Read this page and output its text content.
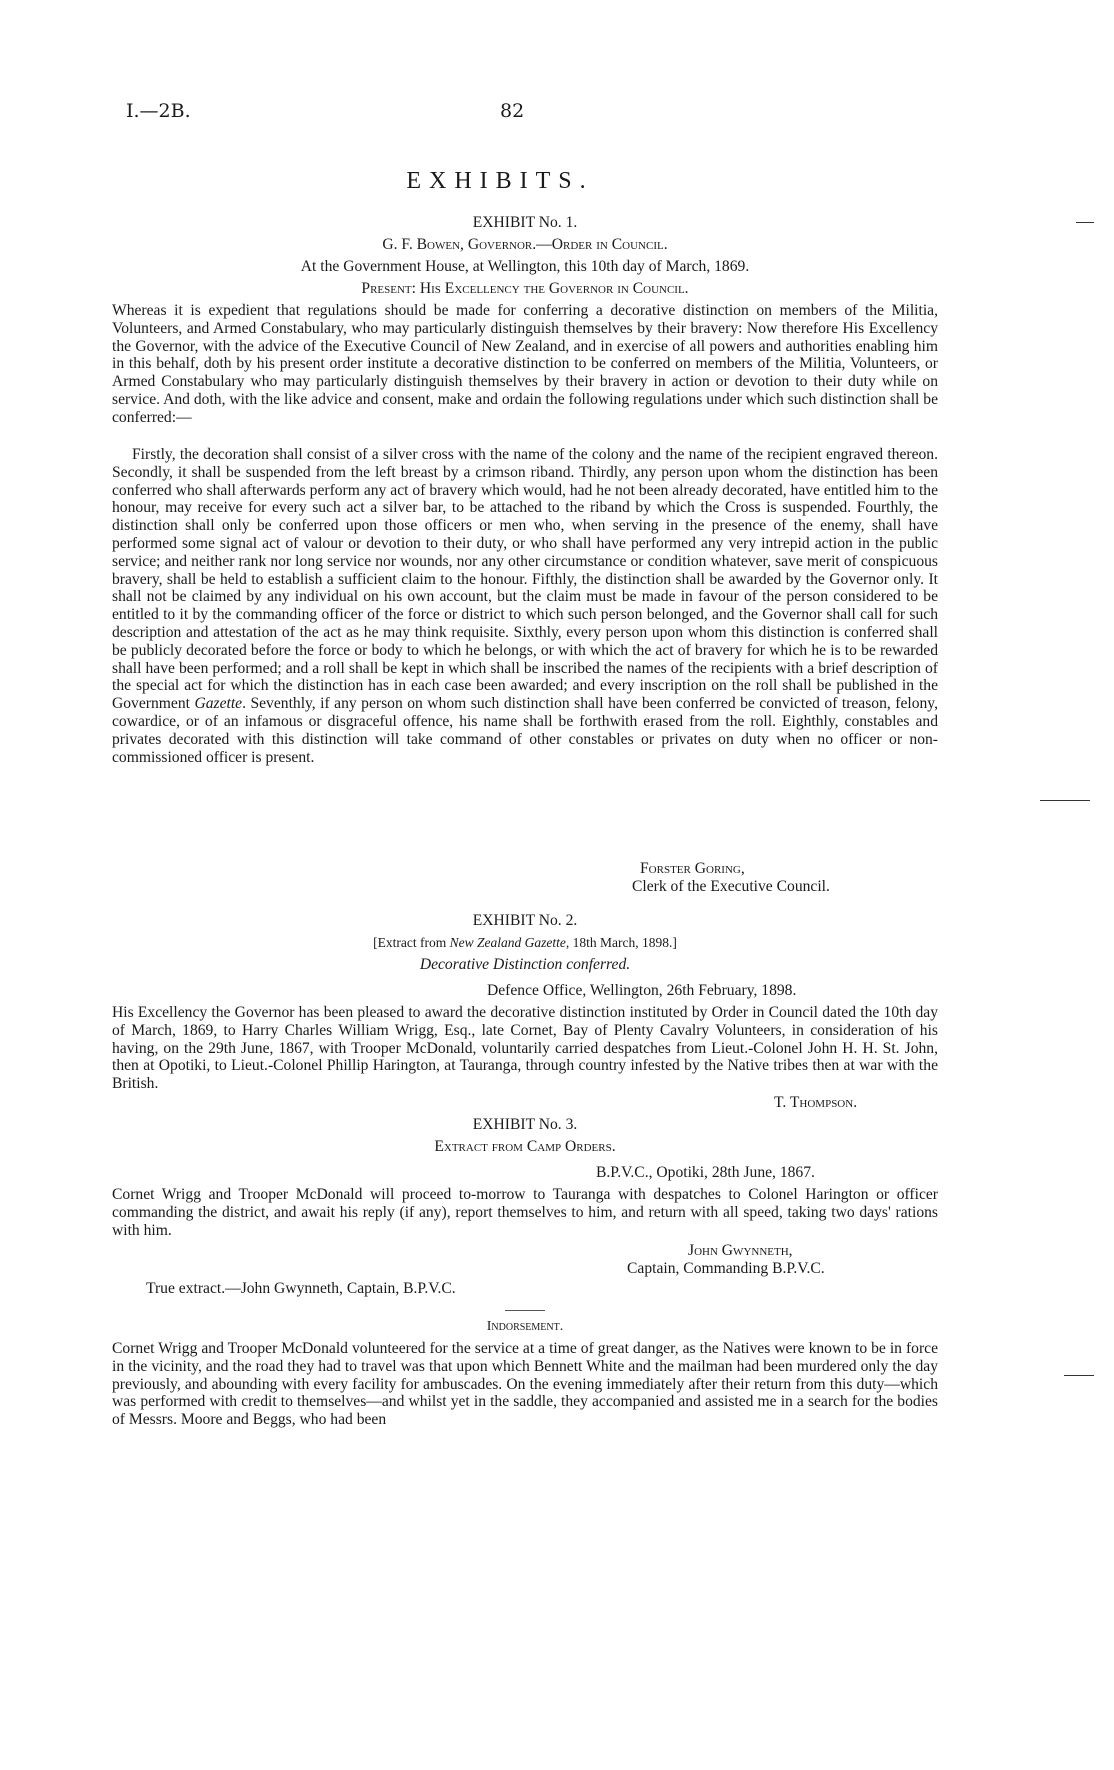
I.—2B.	82
EXHIBITS.
EXHIBIT No. 1.
G. F. Bowen, Governor.—Order in Council.
At the Government House, at Wellington, this 10th day of March, 1869.
Present: His Excellency the Governor in Council.

Whereas it is expedient that regulations should be made for conferring a decorative distinction on members of the Militia, Volunteers, and Armed Constabulary, who may particularly distinguish themselves by their bravery: Now therefore His Excellency the Governor, with the advice of the Executive Council of New Zealand, and in exercise of all powers and authorities enabling him in this behalf, doth by his present order institute a decorative distinction to be conferred on members of the Militia, Volunteers, or Armed Constabulary who may particularly distinguish themselves by their bravery in action or devotion to their duty while on service. And doth, with the like advice and consent, make and ordain the following regulations under which such distinction shall be conferred:—

Firstly, the decoration shall consist of a silver cross with the name of the colony and the name of the recipient engraved thereon. Secondly, it shall be suspended from the left breast by a crimson riband. Thirdly, any person upon whom the distinction has been conferred who shall afterwards perform any act of bravery which would, had he not been already decorated, have entitled him to the honour, may receive for every such act a silver bar, to be attached to the riband by which the Cross is suspended. Fourthly, the distinction shall only be conferred upon those officers or men who, when serving in the presence of the enemy, shall have performed some signal act of valour or devotion to their duty, or who shall have performed any very intrepid action in the public service; and neither rank nor long service nor wounds, nor any other circumstance or condition whatever, save merit of conspicuous bravery, shall be held to establish a sufficient claim to the honour. Fifthly, the distinction shall be awarded by the Governor only. It shall not be claimed by any individual on his own account, but the claim must be made in favour of the person considered to be entitled to it by the commanding officer of the force or district to which such person belonged, and the Governor shall call for such description and attestation of the act as he may think requisite. Sixthly, every person upon whom this distinction is conferred shall be publicly decorated before the force or body to which he belongs, or with which the act of bravery for which he is to be rewarded shall have been performed; and a roll shall be kept in which shall be inscribed the names of the recipients with a brief description of the special act for which the distinction has in each case been awarded; and every inscription on the roll shall be published in the Government Gazette. Seventhly, if any person on whom such distinction shall have been conferred be convicted of treason, felony, cowardice, or of an infamous or disgraceful offence, his name shall be forthwith erased from the roll. Eighthly, constables and privates decorated with this distinction will take command of other constables or privates on duty when no officer or non-commissioned officer is present.

Forster Goring,
Clerk of the Executive Council.
EXHIBIT No. 2.
[Extract from New Zealand Gazette, 18th March, 1898.]
Decorative Distinction conferred.
Defence Office, Wellington, 26th February, 1898.

His Excellency the Governor has been pleased to award the decorative distinction instituted by Order in Council dated the 10th day of March, 1869, to Harry Charles William Wrigg, Esq., late Cornet, Bay of Plenty Cavalry Volunteers, in consideration of his having, on the 29th June, 1867, with Trooper McDonald, voluntarily carried despatches from Lieut.-Colonel John H. H. St. John, then at Opotiki, to Lieut.-Colonel Phillip Harington, at Tauranga, through country infested by the Native tribes then at war with the British.

T. Thompson.
EXHIBIT No. 3.
Extract from Camp Orders.
B.P.V.C., Opotiki, 28th June, 1867.

Cornet Wrigg and Trooper McDonald will proceed to-morrow to Tauranga with despatches to Colonel Harington or officer commanding the district, and await his reply (if any), report themselves to him, and return with all speed, taking two days' rations with him.

John Gwynneth,
Captain, Commanding B.P.V.C.
True extract.—John Gwynneth, Captain, B.P.V.C.
Indorsement.

Cornet Wrigg and Trooper McDonald volunteered for the service at a time of great danger, as the Natives were known to be in force in the vicinity, and the road they had to travel was that upon which Bennett White and the mailman had been murdered only the day previously, and abounding with every facility for ambuscades. On the evening immediately after their return from this duty—which was performed with credit to themselves—and whilst yet in the saddle, they accompanied and assisted me in a search for the bodies of Messrs. Moore and Beggs, who had been
